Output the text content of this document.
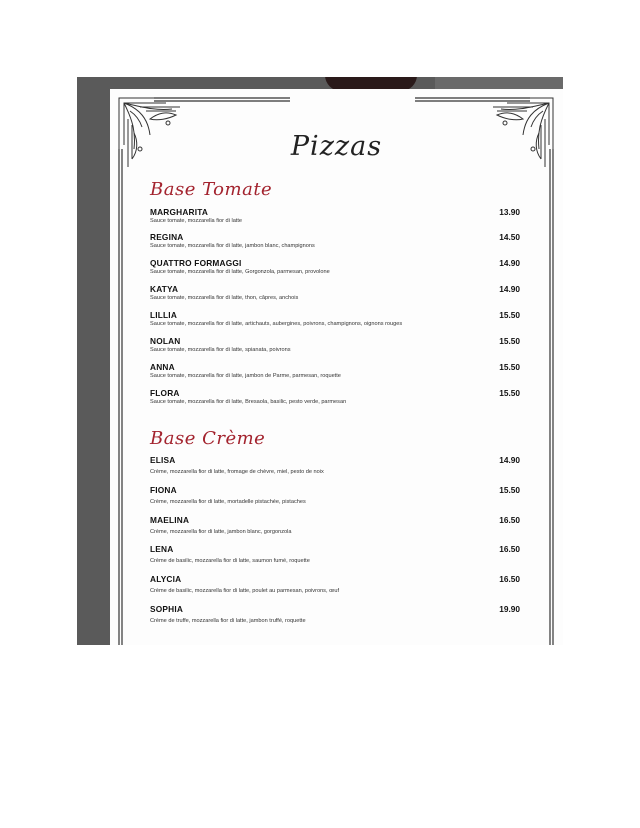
Pizzas
Base Tomate
MARGHARITA
Sauce tomate, mozzarella fior di latte
13.90
REGINA
Sauce tomate, mozzarella fior di latte, jambon blanc, champignons
14.50
QUATTRO FORMAGGI
Sauce tomate, mozzarella fior di latte, Gorgonzola, parmesan, provolone
14.90
KATYA
Sauce tomate, mozzarella fior di latte, thon, câpres, anchois
14.90
LILLIA
Sauce tomate, mozzarella fior di latte, artichauts, aubergines, poivrons, champignons, oignons rouges
15.50
NOLAN
Sauce tomate, mozzarella fior di latte, spianata, poivrons
15.50
ANNA
Sauce tomate, mozzarella fior di latte, jambon de Parme, parmesan, roquette
15.50
FLORA
Sauce tomate, mozzarella fior di latte, Bresaola, basilic, pesto verde, parmesan
15.50
Base Crème
ELISA
Crème, mozzarella fior di latte, fromage de chèvre, miel, pesto de noix
14.90
FIONA
Crème, mozzarella fior di latte, mortadelle pistachée, pistaches
15.50
MAELINA
Crème, mozzarella fior di latte, jambon blanc, gorgonzola
16.50
LENA
Crème de basilic, mozzarella fior di latte, saumon fumé, roquette
16.50
ALYCIA
Crème de basilic, mozzarella fior di latte, poulet au parmesan, poivrons, œuf
16.50
SOPHIA
Crème de truffe, mozzarella fior di latte, jambon truffé, roquette
19.90
